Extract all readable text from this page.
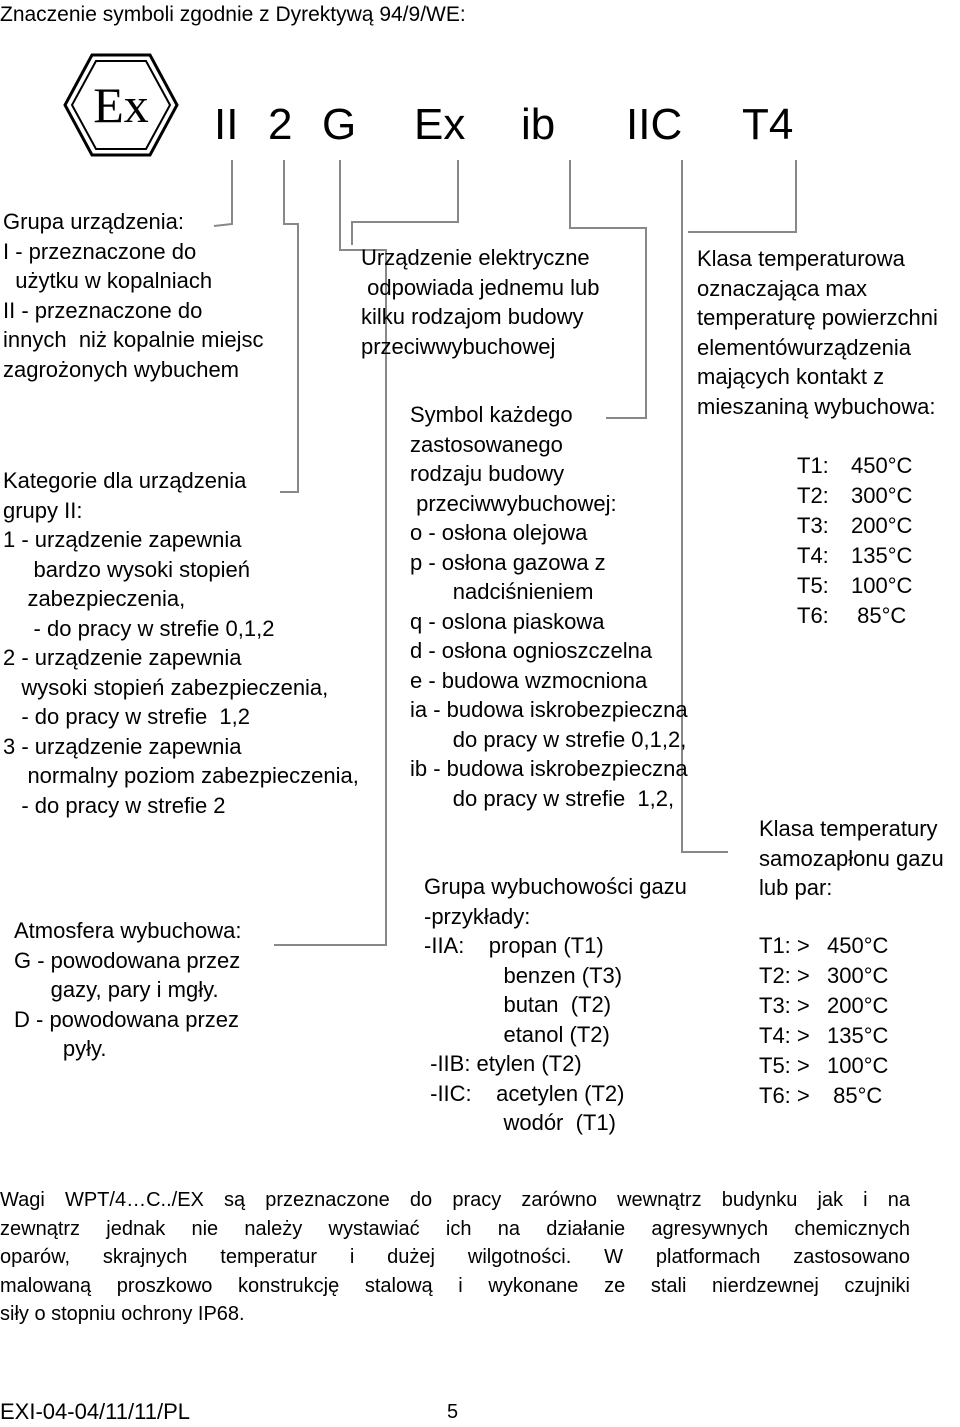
Znaczenie symboli zgodnie z Dyrektywą 94/9/WE:
Ex II 2 G Ex ib IIC T4
Grupa urządzenia:
I - przeznaczone do
użytku w kopalniach
II - przeznaczone do
innych  niż kopalnie miejsc
zagrożonych wybuchem
Kategorie dla urządzenia
grupy II:
1 - urządzenie zapewnia
bardzo wysoki stopień
zabezpieczenia,
- do pracy w strefie 0,1,2
2 - urządzenie zapewnia
wysoki stopień zabezpieczenia,
- do pracy w strefie  1,2
3 - urządzenie zapewnia
normalny poziom zabezpieczenia,
- do pracy w strefie 2
Atmosfera wybuchowa:
G - powodowana przez
gazy, pary i mgły.
D - powodowana przez
pyły.
Urządzenie elektryczne
odpowiada jednemu lub
kilku rodzajom budowy
przeciwwybuchowej
Symbol każdego
zastosowanego
rodzaju budowy
przeciwwybuchowej:
o - osłona olejowa
p - osłona gazowa z
nadciśnieniem
q - oslona piaskowa
d - osłona ognioszczelna
e - budowa wzmocniona
ia - budowa iskrobezpieczna
do pracy w strefie 0,1,2,
ib - budowa iskrobezpieczna
do pracy w strefie  1,2,
Grupa wybuchowości gazu
-przykłady:
-IIA:    propan (T1)
benzen (T3)
butan  (T2)
etanol (T2)
-IIB: etylen (T2)
-IIC:    acetylen (T2)
wodór  (T1)
Klasa temperaturowa
oznaczająca max
temperaturę powierzchni
elementówurządzenia
mających kontakt z
mieszaniną wybuchowa:
T1: 450°C
T2: 300°C
T3: 200°C
T4: 135°C
T5: 100°C
T6: 85°C
Klasa temperatury
samozapłonu gazu
lub par:
T1: > 450°C
T2: > 300°C
T3: > 200°C
T4: > 135°C
T5: > 100°C
T6: > 85°C
Wagi WPT/4…C../EX są przeznaczone do pracy zarówno wewnątrz budynku jak i na
zewnątrz jednak nie należy wystawiać ich na działanie agresywnych chemicznych
oparów, skrajnych temperatur i dużej wilgotności. W platformach zastosowano
malowaną proszkowo konstrukcję stalową i wykonane ze stali nierdzewnej czujniki
siły o stopniu ochrony IP68.
EXI-04-04/11/11/PL	5
